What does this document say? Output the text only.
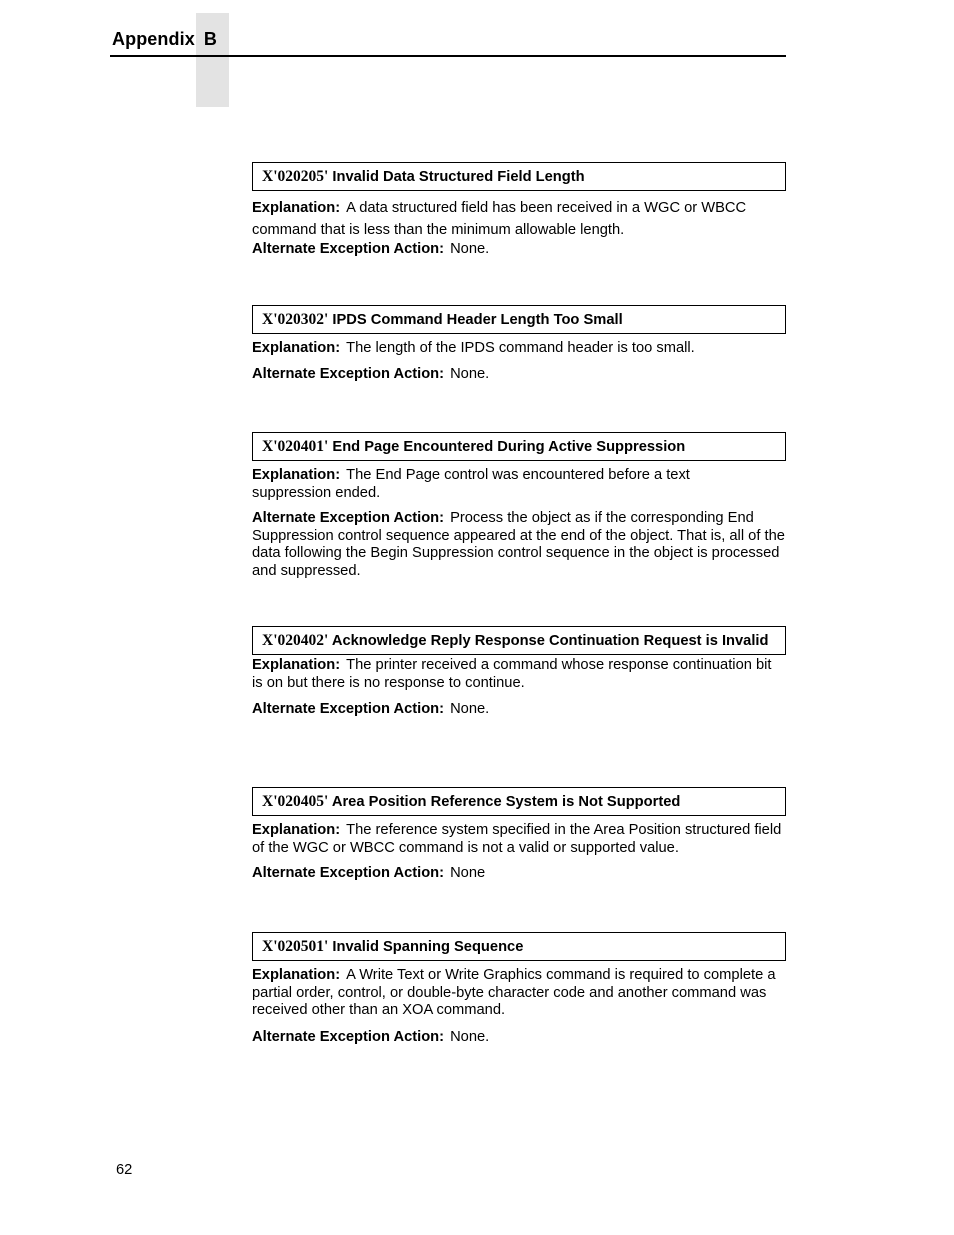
Appendix B
X'020205' Invalid Data Structured Field Length

Explanation: A data structured field has been received in a WGC or WBCC command that is less than the minimum allowable length.

Alternate Exception Action: None.

X'020302' IPDS Command Header Length Too Small

Explanation: The length of the IPDS command header is too small.

Alternate Exception Action: None.

X'020401' End Page Encountered During Active Suppression

Explanation: The End Page control was encountered before a text suppression ended.

Alternate Exception Action: Process the object as if the corresponding End Suppression control sequence appeared at the end of the object. That is, all of the data following the Begin Suppression control sequence in the object is processed and suppressed.

X'020402' Acknowledge Reply Response Continuation Request is Invalid

Explanation: The printer received a command whose response continuation bit is on but there is no response to continue.

Alternate Exception Action: None.

X'020405' Area Position Reference System is Not Supported

Explanation: The reference system specified in the Area Position structured field of the WGC or WBCC command is not a valid or supported value.

Alternate Exception Action: None

X'020501' Invalid Spanning Sequence

Explanation: A Write Text or Write Graphics command is required to complete a partial order, control, or double-byte character code and another command was received other than an XOA command.

Alternate Exception Action: None.

62
